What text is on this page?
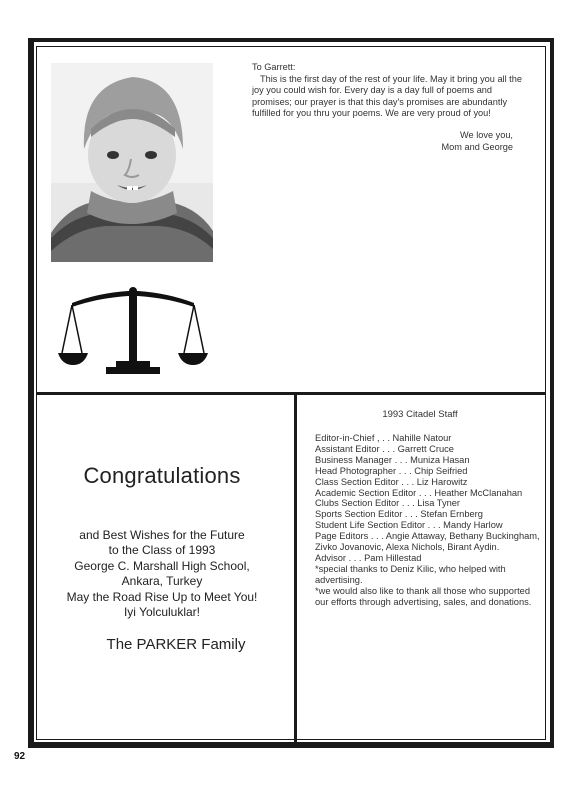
To Garrett:

This is the first day of the rest of your life. May it bring you all the joy you could wish for. Every day is a day full of poems and promises; our prayer is that this day's promises are abundantly fulfilled for you thru your poems. We are very proud of you!

We love you,
Mom and George
Congratulations
and Best Wishes for the Future
to the Class of 1993
George C. Marshall High School,
Ankara, Turkey
May the Road Rise Up to Meet You!
Iyi Yolculuklar!
The PARKER Family
1993 Citadel Staff
Editor-in-Chief , . . Nahille Natour
Assistant Editor . . . Garrett Cruce
Business Manager . . . Muniza Hasan
Head Photographer . . . Chip Seifried
Class Section Editor . . . Liz Harowitz
Academic Section Editor . . . Heather McClanahan
Clubs Section Editor . . . Lisa Tyner
Sports Section Editor . . . Stefan Ernberg
Student Life Section Editor . . . Mandy Harlow
Page Editors . . . Angie Attaway, Bethany Buckingham, Zivko Jovanovic, Alexa Nichols, Birant Aydin.
Advisor . . . Pam Hillestad
*special thanks to Deniz Kilic, who helped with advertising.
*we would also like to thank all those who supported our efforts through advertising, sales, and donations.
92
